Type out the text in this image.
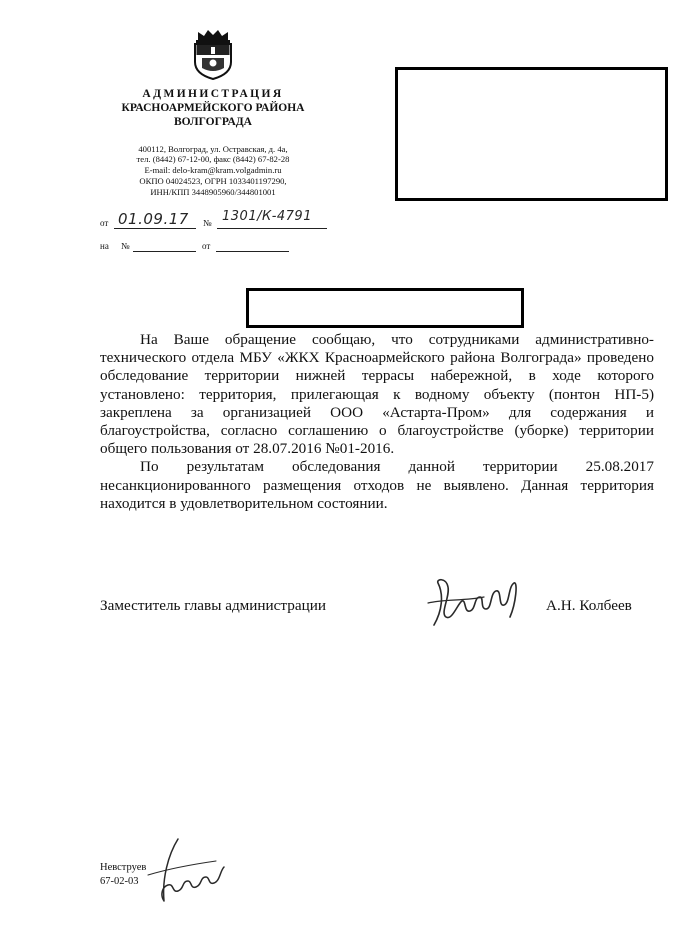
АДМИНИСТРАЦИЯ
КРАСНОАРМЕЙСКОГО РАЙОНА
ВОЛГОГРАДА
400112, Волгоград, ул. Остравская, д. 4а,
тел. (8442) 67-12-00, факс (8442) 67-82-28
E-mail: delo-kram@kram.volgadmin.ru
ОКПО 04024523, ОГРН 1033401197290,
ИНН/КПП 3448905960/344801001
от 01.09.17 № 1301/К-4791
на №	от

На Ваше обращение сообщаю, что сотрудниками административно-технического отдела МБУ «ЖКХ Красноармейского района Волгограда» проведено обследование территории нижней террасы набережной, в ходе которого установлено: территория, прилегающая к водному объекту (понтон НП-5) закреплена за организацией ООО «Астарта-Пром» для содержания и благоустройства, согласно соглашению о благоустройстве (уборке) территории общего пользования от 28.07.2016 №01-2016.

По результатам обследования данной территории 25.08.2017 несанкционированного размещения отходов не выявлено. Данная территория находится в удовлетворительном состоянии.

Заместитель главы администрации	А.Н. Колбеев
Невструев
67-02-03
